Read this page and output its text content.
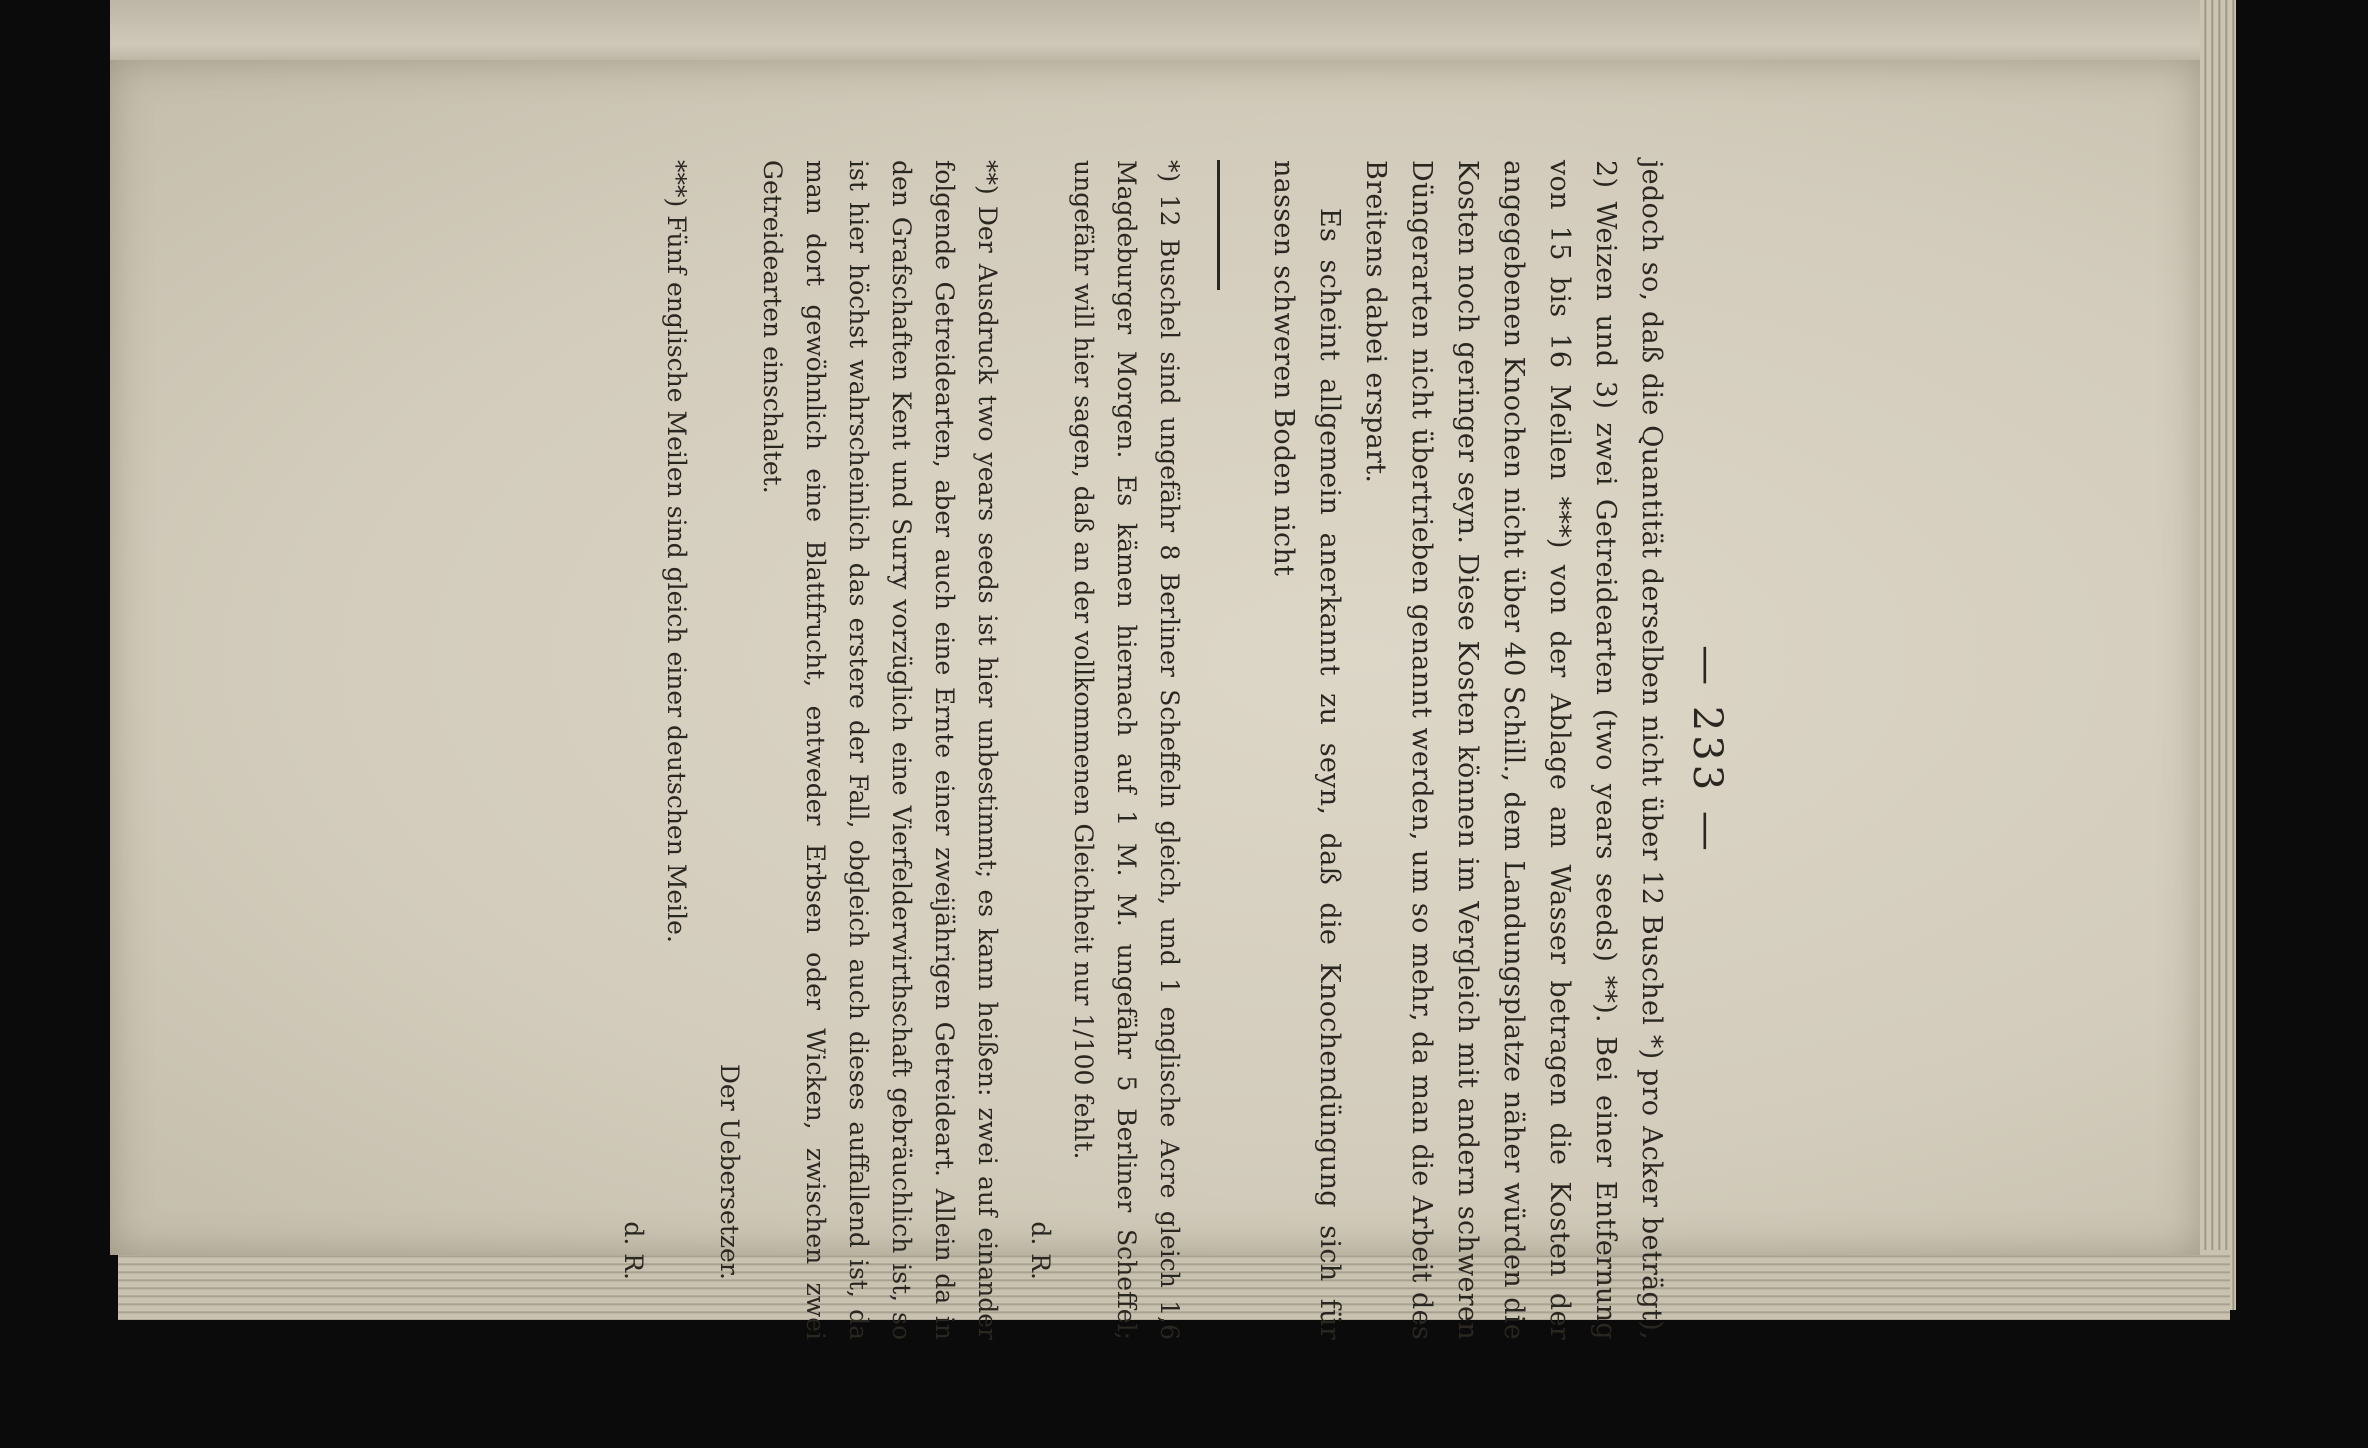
— 233 —

jedoch so, daß die Quantität derselben nicht über 12 Buschel *) pro Acker beträgt), 2) Weizen und 3) zwei Getreidearten (two years seeds) **). Bei einer Entfernung von 15 bis 16 Meilen ***) von der Ablage am Wasser betragen die Kosten der angegebenen Knochen nicht über 40 Schill., dem Landungsplatze näher würden die Kosten noch geringer seyn. Diese Kosten können im Vergleich mit andern schweren Düngerarten nicht übertrieben genannt werden, um so mehr, da man die Arbeit des Breitens dabei erspart.

Es scheint allgemein anerkannt zu seyn, daß die Knochendüngung sich für nassen schweren Boden nicht

*) 12 Buschel sind ungefähr 8 Berliner Scheffeln gleich, und 1 englische Acre gleich 1,6 Magdeburger Morgen. Es kämen hiernach auf 1 M. M. ungefähr 5 Berliner Scheffel; ungefähr will hier sagen, daß an der vollkommenen Gleichheit nur 1/100 fehlt.

d. R.

**) Der Ausdruck two years seeds ist hier unbestimmt; es kann heißen: zwei auf einander folgende Getreidearten, aber auch eine Ernte einer zweijährigen Getreideart. Allein da in den Grafschaften Kent und Surry vorzüglich eine Vierfelderwirthschaft gebräuchlich ist, so ist hier höchst wahrscheinlich das erstere der Fall, obgleich auch dieses auffallend ist, da man dort gewöhnlich eine Blattfrucht, entweder Erbsen oder Wicken, zwischen zwei Getreidearten einschaltet.

Der Uebersetzer.

***) Fünf englische Meilen sind gleich einer deutschen Meile.

d. R.
